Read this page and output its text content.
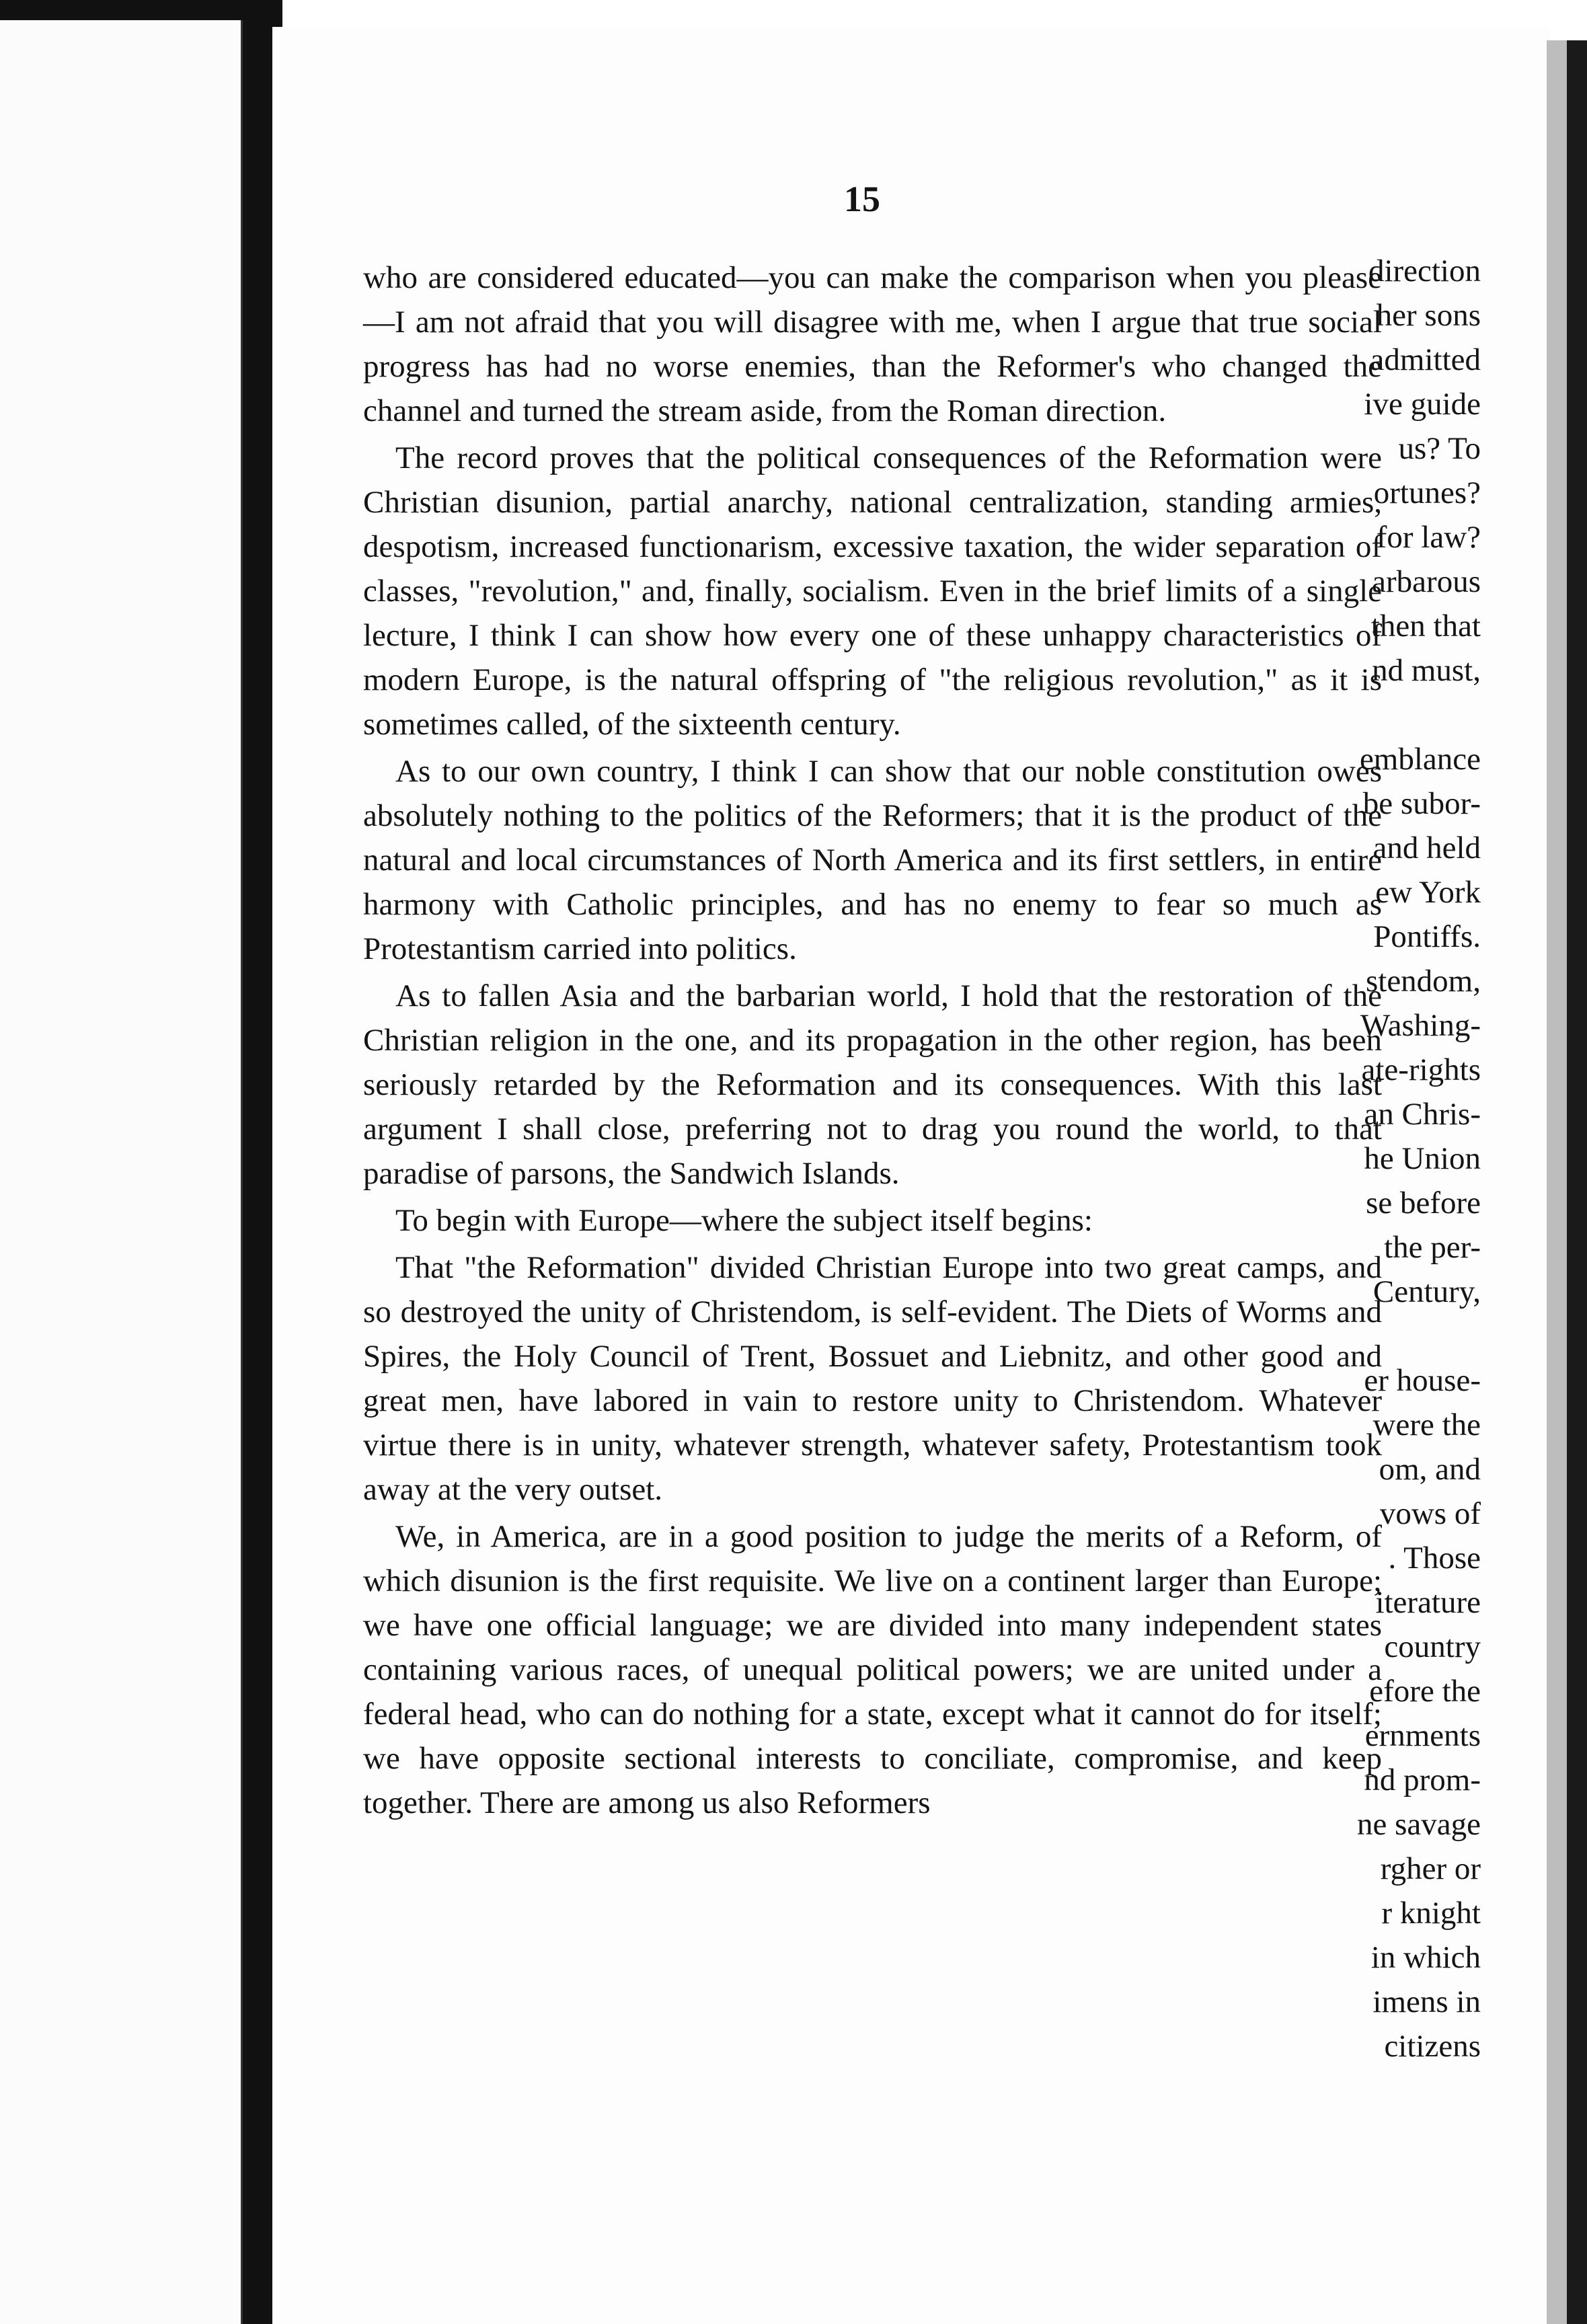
direction
her sons
admitted
ive guide
us? To
ortunes?
for law?
arbarous
then that
nd must,
emblance
be subor-
and held
ew York
Pontiffs.
stendom,
Washing-
ate-rights
an Chris-
he Union
se before
the per-
Century,
er house-
were the
om, and
vows of
. Those
iterature
country
efore the
ernments
nd prom-
ne savage
rgher or
r knight
in which
imens in
citizens
15

who are considered educated—you can make the comparison when you please—I am not afraid that you will disagree with me, when I argue that true social progress has had no worse enemies, than the Reformer's who changed the channel and turned the stream aside, from the Roman direction.

The record proves that the political consequences of the Reformation were Christian disunion, partial anarchy, national centralization, standing armies, despotism, increased functionarism, excessive taxation, the wider separation of classes, "revolution," and, finally, socialism. Even in the brief limits of a single lecture, I think I can show how every one of these unhappy characteristics of modern Europe, is the natural offspring of "the religious revolution," as it is sometimes called, of the sixteenth century.

As to our own country, I think I can show that our noble constitution owes absolutely nothing to the politics of the Reformers; that it is the product of the natural and local circumstances of North America and its first settlers, in entire harmony with Catholic principles, and has no enemy to fear so much as Protestantism carried into politics.

As to fallen Asia and the barbarian world, I hold that the restoration of the Christian religion in the one, and its propagation in the other region, has been seriously retarded by the Reformation and its consequences. With this last argument I shall close, preferring not to drag you round the world, to that paradise of parsons, the Sandwich Islands.

To begin with Europe—where the subject itself begins:

That "the Reformation" divided Christian Europe into two great camps, and so destroyed the unity of Christendom, is self-evident. The Diets of Worms and Spires, the Holy Council of Trent, Bossuet and Liebnitz, and other good and great men, have labored in vain to restore unity to Christendom. Whatever virtue there is in unity, whatever strength, whatever safety, Protestantism took away at the very outset.

We, in America, are in a good position to judge the merits of a Reform, of which disunion is the first requisite. We live on a continent larger than Europe; we have one official language; we are divided into many independent states containing various races, of unequal political powers; we are united under a federal head, who can do nothing for a state, except what it cannot do for itself; we have opposite sectional interests to conciliate, compromise, and keep together. There are among us also Reformers
